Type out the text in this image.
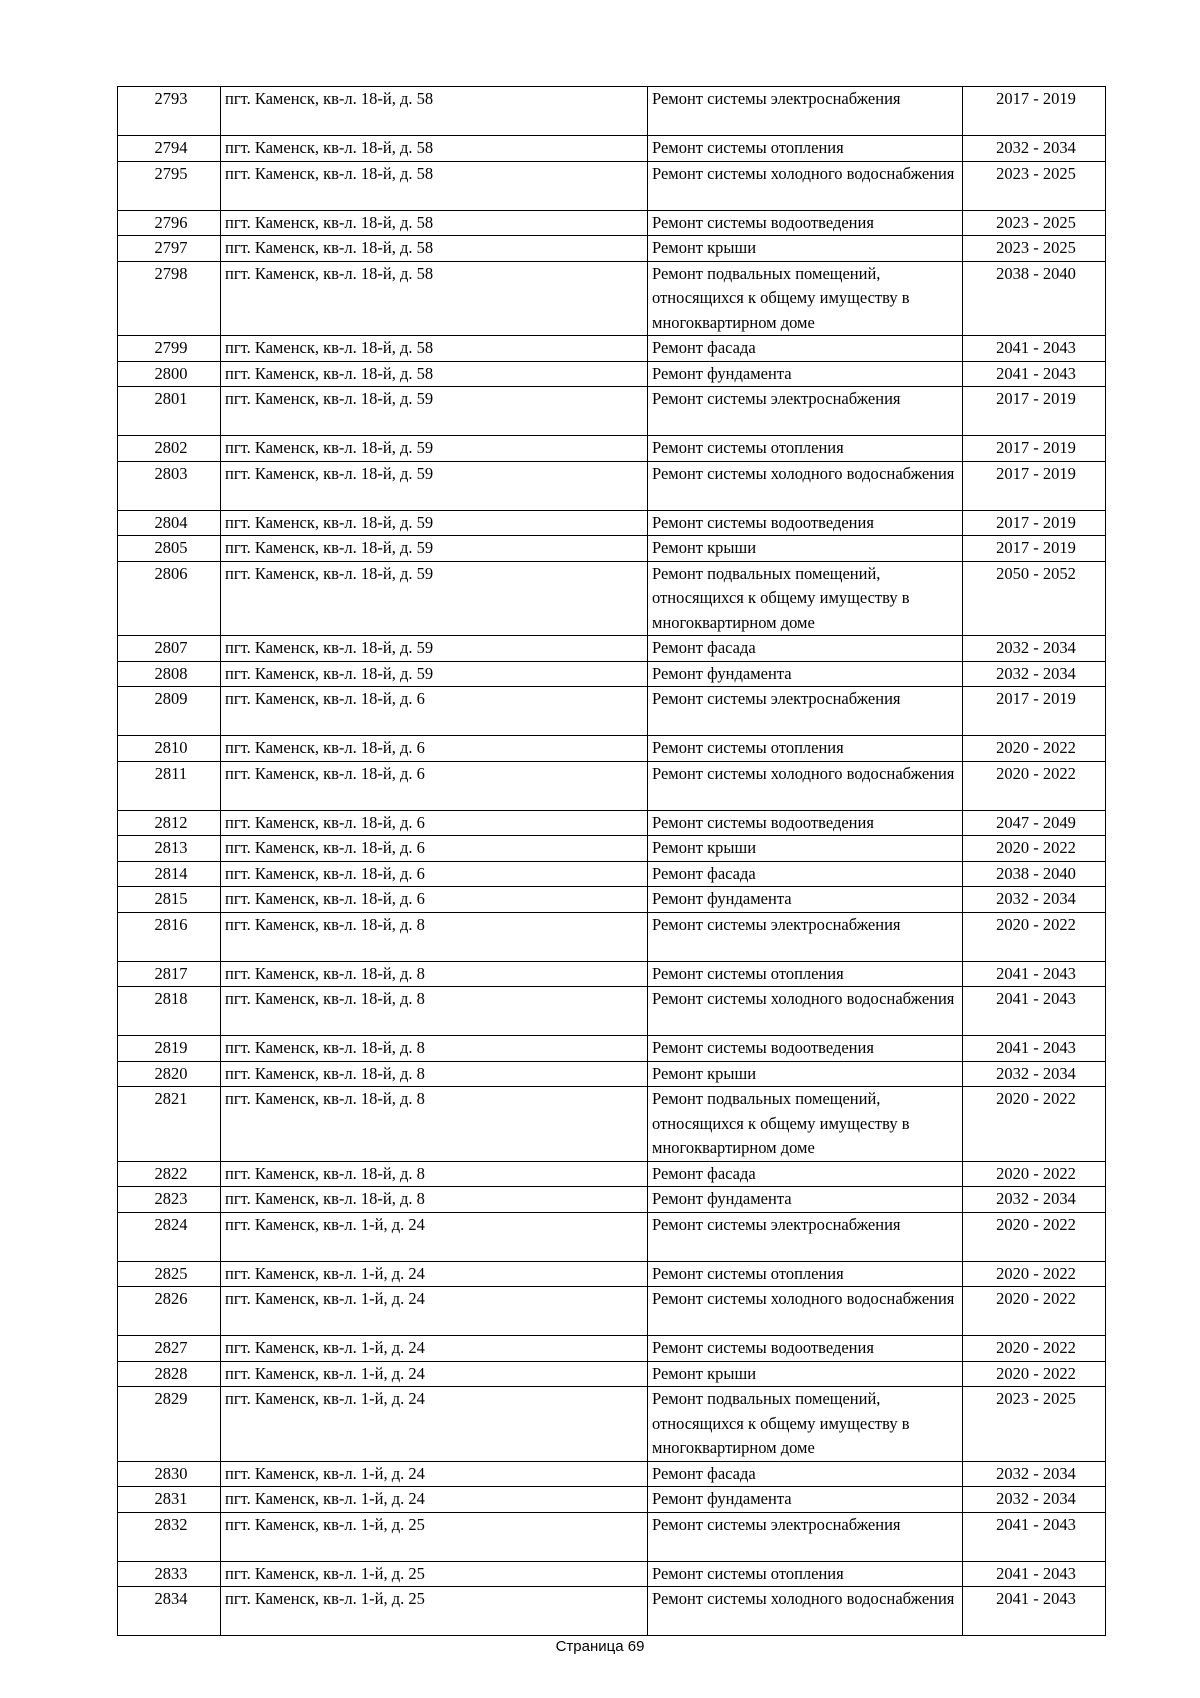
2793	пгт. Каменск, кв-л. 18-й, д. 58	Ремонт системы электроснабжения	2017 - 2019
2794	пгт. Каменск, кв-л. 18-й, д. 58	Ремонт системы отопления	2032 - 2034
2795	пгт. Каменск, кв-л. 18-й, д. 58	Ремонт системы холодного водоснабжения	2023 - 2025
2796	пгт. Каменск, кв-л. 18-й, д. 58	Ремонт системы водоотведения	2023 - 2025
2797	пгт. Каменск, кв-л. 18-й, д. 58	Ремонт крыши	2023 - 2025
2798	пгт. Каменск, кв-л. 18-й, д. 58	Ремонт подвальных помещений, относящихся к общему имуществу в многоквартирном доме	2038 - 2040
2799	пгт. Каменск, кв-л. 18-й, д. 58	Ремонт фасада	2041 - 2043
2800	пгт. Каменск, кв-л. 18-й, д. 58	Ремонт фундамента	2041 - 2043
2801	пгт. Каменск, кв-л. 18-й, д. 59	Ремонт системы электроснабжения	2017 - 2019
2802	пгт. Каменск, кв-л. 18-й, д. 59	Ремонт системы отопления	2017 - 2019
2803	пгт. Каменск, кв-л. 18-й, д. 59	Ремонт системы холодного водоснабжения	2017 - 2019
2804	пгт. Каменск, кв-л. 18-й, д. 59	Ремонт системы водоотведения	2017 - 2019
2805	пгт. Каменск, кв-л. 18-й, д. 59	Ремонт крыши	2017 - 2019
2806	пгт. Каменск, кв-л. 18-й, д. 59	Ремонт подвальных помещений, относящихся к общему имуществу в многоквартирном доме	2050 - 2052
2807	пгт. Каменск, кв-л. 18-й, д. 59	Ремонт фасада	2032 - 2034
2808	пгт. Каменск, кв-л. 18-й, д. 59	Ремонт фундамента	2032 - 2034
2809	пгт. Каменск, кв-л. 18-й, д. 6	Ремонт системы электроснабжения	2017 - 2019
2810	пгт. Каменск, кв-л. 18-й, д. 6	Ремонт системы отопления	2020 - 2022
2811	пгт. Каменск, кв-л. 18-й, д. 6	Ремонт системы холодного водоснабжения	2020 - 2022
2812	пгт. Каменск, кв-л. 18-й, д. 6	Ремонт системы водоотведения	2047 - 2049
2813	пгт. Каменск, кв-л. 18-й, д. 6	Ремонт крыши	2020 - 2022
2814	пгт. Каменск, кв-л. 18-й, д. 6	Ремонт фасада	2038 - 2040
2815	пгт. Каменск, кв-л. 18-й, д. 6	Ремонт фундамента	2032 - 2034
2816	пгт. Каменск, кв-л. 18-й, д. 8	Ремонт системы электроснабжения	2020 - 2022
2817	пгт. Каменск, кв-л. 18-й, д. 8	Ремонт системы отопления	2041 - 2043
2818	пгт. Каменск, кв-л. 18-й, д. 8	Ремонт системы холодного водоснабжения	2041 - 2043
2819	пгт. Каменск, кв-л. 18-й, д. 8	Ремонт системы водоотведения	2041 - 2043
2820	пгт. Каменск, кв-л. 18-й, д. 8	Ремонт крыши	2032 - 2034
2821	пгт. Каменск, кв-л. 18-й, д. 8	Ремонт подвальных помещений, относящихся к общему имуществу в многоквартирном доме	2020 - 2022
2822	пгт. Каменск, кв-л. 18-й, д. 8	Ремонт фасада	2020 - 2022
2823	пгт. Каменск, кв-л. 18-й, д. 8	Ремонт фундамента	2032 - 2034
2824	пгт. Каменск, кв-л. 1-й, д. 24	Ремонт системы электроснабжения	2020 - 2022
2825	пгт. Каменск, кв-л. 1-й, д. 24	Ремонт системы отопления	2020 - 2022
2826	пгт. Каменск, кв-л. 1-й, д. 24	Ремонт системы холодного водоснабжения	2020 - 2022
2827	пгт. Каменск, кв-л. 1-й, д. 24	Ремонт системы водоотведения	2020 - 2022
2828	пгт. Каменск, кв-л. 1-й, д. 24	Ремонт крыши	2020 - 2022
2829	пгт. Каменск, кв-л. 1-й, д. 24	Ремонт подвальных помещений, относящихся к общему имуществу в многоквартирном доме	2023 - 2025
2830	пгт. Каменск, кв-л. 1-й, д. 24	Ремонт фасада	2032 - 2034
2831	пгт. Каменск, кв-л. 1-й, д. 24	Ремонт фундамента	2032 - 2034
2832	пгт. Каменск, кв-л. 1-й, д. 25	Ремонт системы электроснабжения	2041 - 2043
2833	пгт. Каменск, кв-л. 1-й, д. 25	Ремонт системы отопления	2041 - 2043
2834	пгт. Каменск, кв-л. 1-й, д. 25	Ремонт системы холодного водоснабжения	2041 - 2043
Страница 69
